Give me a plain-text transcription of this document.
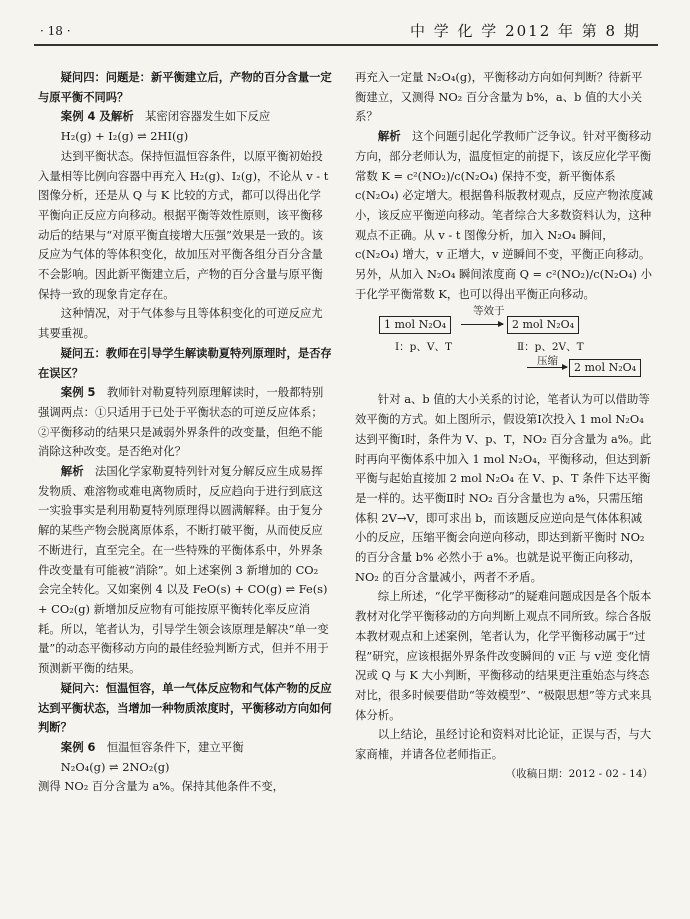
· 18 ·	中 学 化 学 2012 年 第 8 期

疑问四：问题是：新平衡建立后，产物的百分含量一定与原平衡不同吗？

案例 4 及解析　 某密闭容器发生如下反应

H₂(g) + I₂(g) ⇌ 2HI(g)

达到平衡状态。保持恒温恒容条件，以原平衡初始投入量相等比例向容器中再充入 H₂(g)、I₂(g)，不论从 v - t 图像分析，还是从 Q 与 K 比较的方式，都可以得出化学平衡向正反应方向移动。根据平衡等效性原则，该平衡移动后的结果与“对原平衡直接增大压强”效果是一致的。该反应为气体的等体积变化，故加压对平衡各组分百分含量不会影响。因此新平衡建立后，产物的百分含量与原平衡保持一致的现象肯定存在。

这种情况，对于气体参与且等体积变化的可逆反应尤其要重视。

疑问五：教师在引导学生解读勒夏特列原理时，是否存在误区？

案例 5　 教师针对勒夏特列原理解读时，一般都特别强调两点：①只适用于已处于平衡状态的可逆反应体系；②平衡移动的结果只是减弱外界条件的改变量，但绝不能消除这种改变。是否绝对化？

解析　 法国化学家勒夏特列针对复分解反应生成易挥发物质、难溶物或难电离物质时，反应趋向于进行到底这一实验事实是利用勒夏特列原理得以圆满解释。由于复分解的某些产物会脱离原体系，不断打破平衡，从而使反应不断进行，直至完全。在一些特殊的平衡体系中，外界条件改变量有可能被“消除”。如上述案例 3 新增加的 CO₂ 会完全转化。又如案例 4 以及 FeO(s) + CO(g) ⇌ Fe(s) + CO₂(g) 新增加反应物有可能按原平衡转化率反应消耗。所以，笔者认为，引导学生领会该原理是解决“单一变量”的动态平衡移动方向的最佳经验判断方式，但并不用于预测新平衡的结果。

疑问六：恒温恒容，单一气体反应物和气体产物的反应达到平衡状态，当增加一种物质浓度时，平衡移动方向如何判断？

案例 6　 恒温恒容条件下，建立平衡

N₂O₄(g) ⇌ 2NO₂(g)

测得 NO₂ 百分含量为 a%。保持其他条件不变，

再充入一定量 N₂O₄(g)，平衡移动方向如何判断？待新平衡建立，又测得 NO₂ 百分含量为 b%，a、b 值的大小关系？

解析　 这个问题引起化学教师广泛争议。针对平衡移动方向，部分老师认为，温度恒定的前提下，该反应化学平衡常数 K = c²(NO₂)/c(N₂O₄) 保持不变，新平衡体系 c(N₂O₄) 必定增大。根据鲁科版教材观点，反应产物浓度减小，该反应平衡逆向移动。笔者综合大多数资料认为，这种观点不正确。从 v - t 图像分析，加入 N₂O₄ 瞬间，c(N₂O₄) 增大，v 正增大，v 逆瞬间不变，平衡正向移动。另外，从加入 N₂O₄ 瞬间浓度商 Q = c²(NO₂)/c(N₂O₄) 小于化学平衡常数 K，也可以得出平衡正向移动。

1 mol N₂O₄
等效于
2 mol N₂O₄
Ⅰ：p、V、T	Ⅱ：p、2V、T
压缩	2 mol N₂O₄

针对 a、b 值的大小关系的讨论，笔者认为可以借助等效平衡的方式。如上图所示，假设第Ⅰ次投入 1 mol N₂O₄ 达到平衡Ⅰ时，条件为 V、p、T，NO₂ 百分含量为 a%。此时再向平衡体系中加入 1 mol N₂O₄，平衡移动，但达到新平衡与起始直接加 2 mol N₂O₄ 在 V、p、T 条件下达平衡是一样的。达平衡Ⅱ时 NO₂ 百分含量也为 a%，只需压缩体积 2V→V，即可求出 b，而该题反应逆向是气体体积减小的反应，压缩平衡会向逆向移动，即达到新平衡时 NO₂ 的百分含量 b% 必然小于 a%。也就是说平衡正向移动，NO₂ 的百分含量减小，两者不矛盾。

综上所述，“化学平衡移动”的疑难问题成因是各个版本教材对化学平衡移动的方向判断上观点不同所致。综合各版本教材观点和上述案例，笔者认为，化学平衡移动属于“过程”研究，应该根据外界条件改变瞬间的 v正 与 v逆 变化情况或 Q 与 K 大小判断，平衡移动的结果更注重始态与终态对比，很多时候要借助“等效模型”、“极限思想”等方式来具体分析。

以上结论，虽经讨论和资料对比论证，正误与否，与大家商榷，并请各位老师指正。

（收稿日期：2012 - 02 - 14）
